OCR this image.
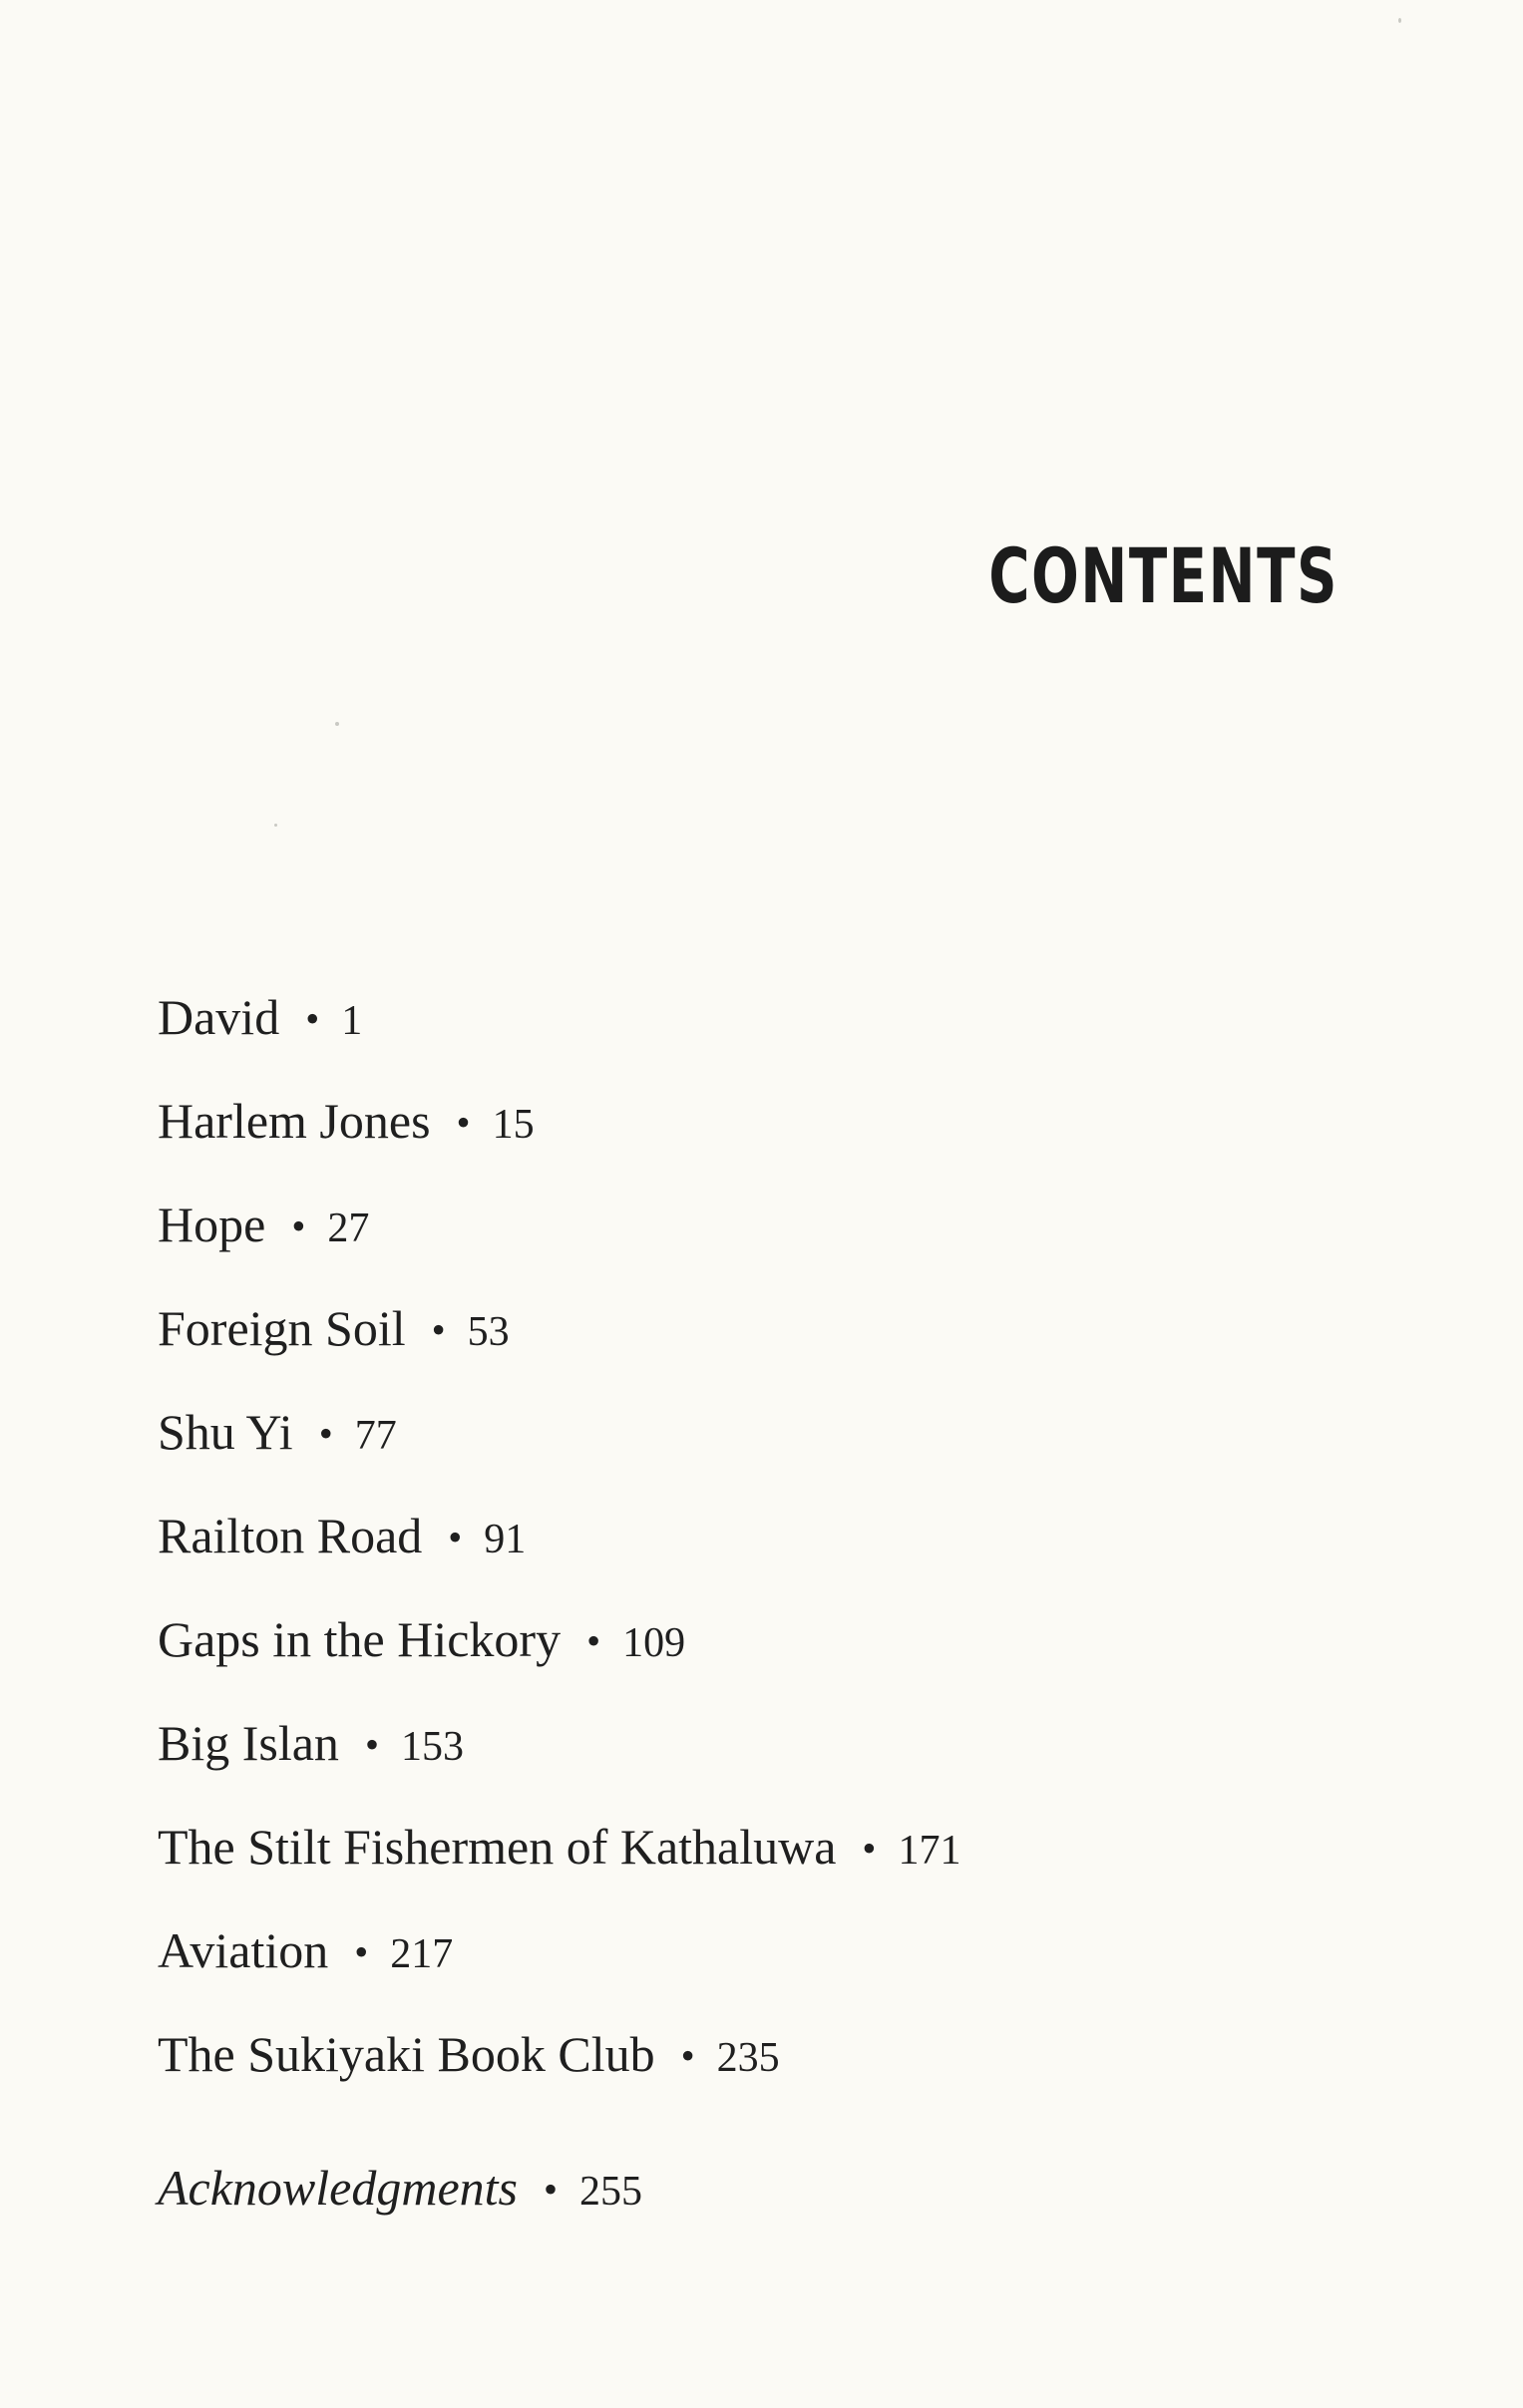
CONTENTS
David • 1
Harlem Jones • 15
Hope • 27
Foreign Soil • 53
Shu Yi • 77
Railton Road • 91
Gaps in the Hickory • 109
Big Islan • 153
The Stilt Fishermen of Kathaluwa • 171
Aviation • 217
The Sukiyaki Book Club • 235
Acknowledgments • 255
